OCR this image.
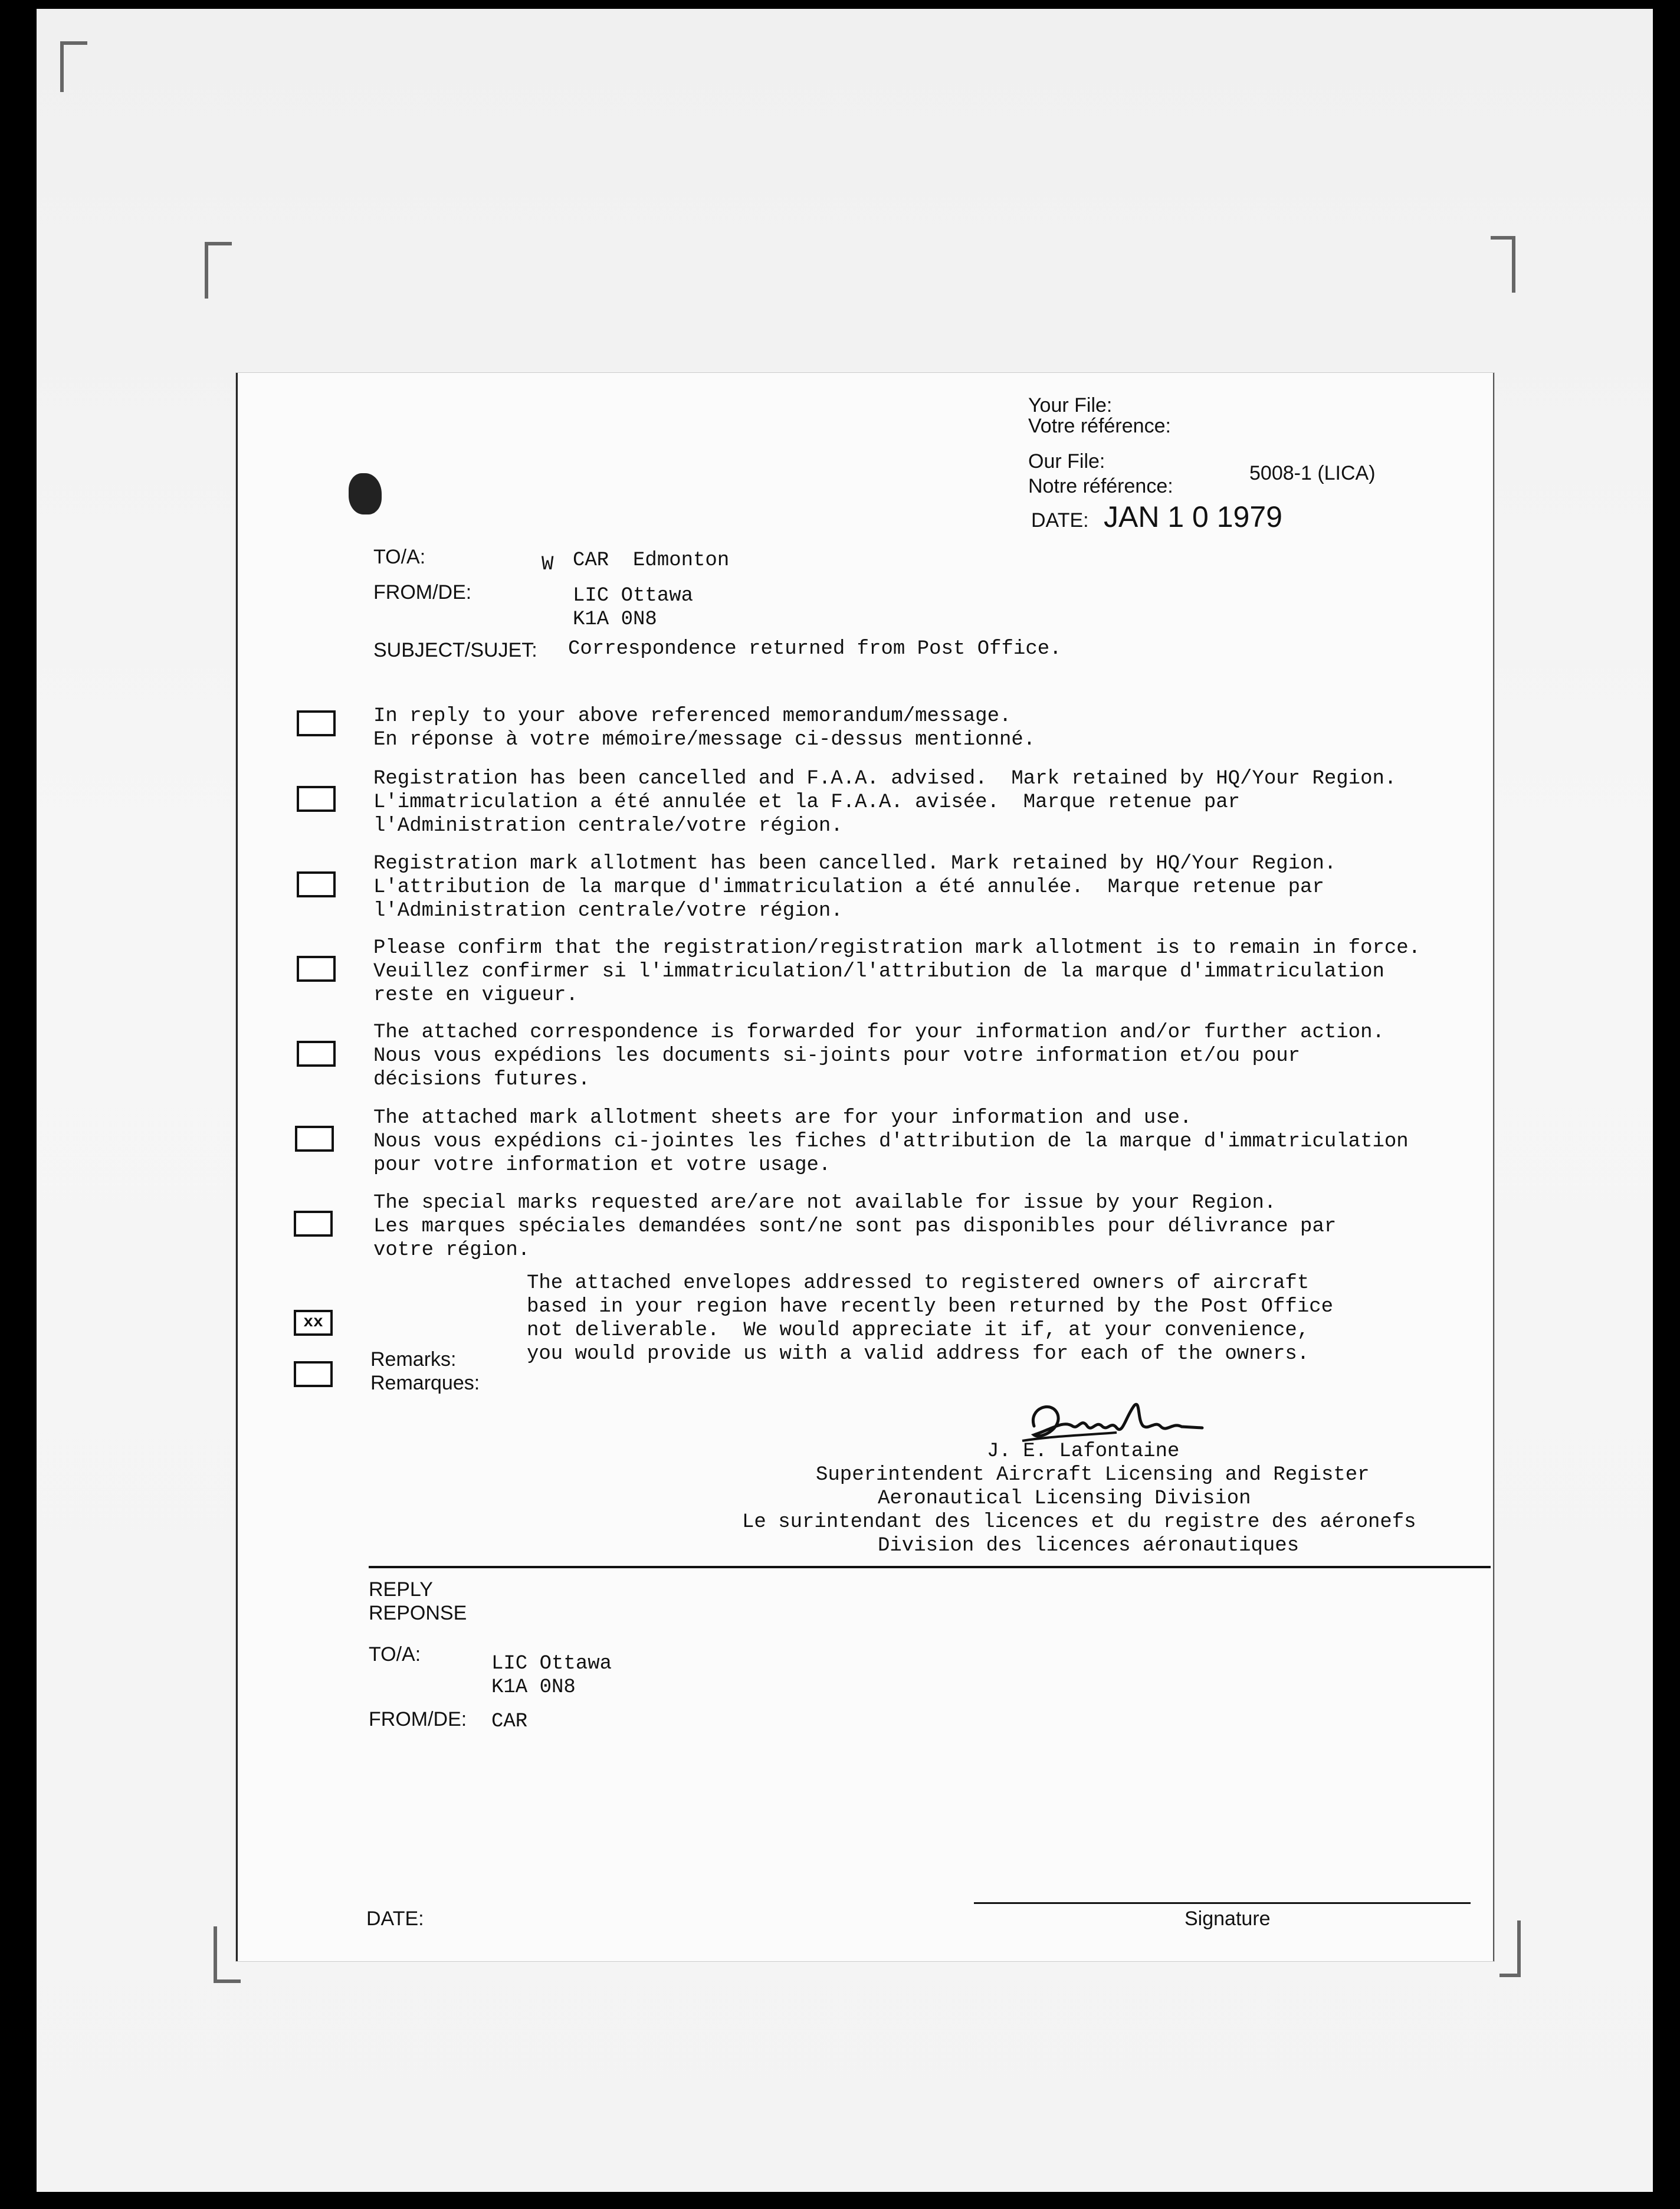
Your File:
Votre référence:
Our File:
Notre référence:
5008-1 (LICA)
DATE: JAN 1 0 1979
TO/A:	W CAR  Edmonton
FROM/DE:	LIC Ottawa
K1A 0N8
SUBJECT/SUJET: Correspondence returned from Post Office.
In reply to your above referenced memorandum/message.
En réponse à votre mémoire/message ci-dessus mentionné.
Registration has been cancelled and F.A.A. advised.  Mark retained by HQ/Your Region.
L'immatriculation a été annulée et la F.A.A. avisée.  Marque retenue par
l'Administration centrale/votre région.
Registration mark allotment has been cancelled. Mark retained by HQ/Your Region.
L'attribution de la marque d'immatriculation a été annulée.  Marque retenue par
l'Administration centrale/votre région.
Please confirm that the registration/registration mark allotment is to remain in force.
Veuillez confirmer si l'immatriculation/l'attribution de la marque d'immatriculation
reste en vigueur.
The attached correspondence is forwarded for your information and/or further action.
Nous vous expédions les documents si-joints pour votre information et/ou pour
décisions futures.
The attached mark allotment sheets are for your information and use.
Nous vous expédions ci-jointes les fiches d'attribution de la marque d'immatriculation
pour votre information et votre usage.
The special marks requested are/are not available for issue by your Region.
Les marques spéciales demandées sont/ne sont pas disponibles pour délivrance par
votre région.
xx
The attached envelopes addressed to registered owners of aircraft
based in your region have recently been returned by the Post Office
not deliverable.  We would appreciate it if, at your convenience,
you would provide us with a valid address for each of the owners.
Remarks:
Remarques:
J. E. Lafontaine
Superintendent Aircraft Licensing and Register
Aeronautical Licensing Division
Le surintendant des licences et du registre des aéronefs
Division des licences aéronautiques
REPLY
REPONSE
TO/A:	LIC Ottawa
K1A 0N8
FROM/DE: CAR
DATE:	Signature
